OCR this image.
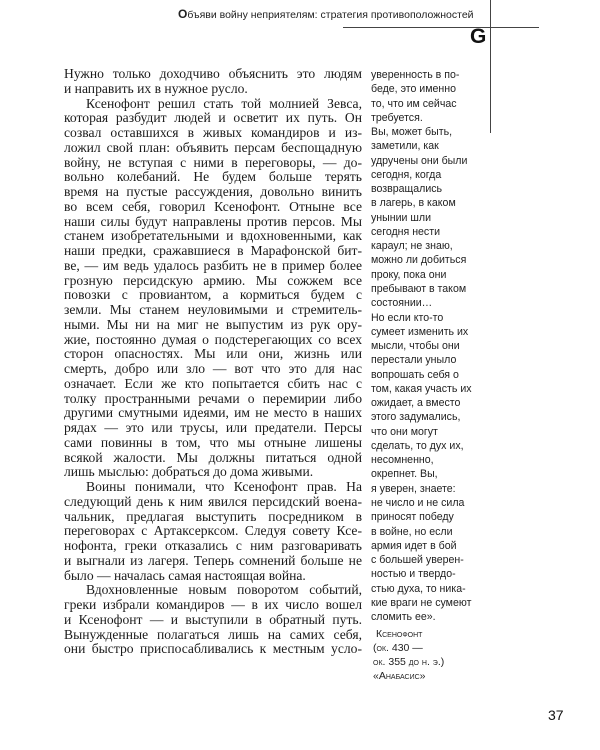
Объяви войну неприятелям: стратегия противоположностей
G
Нужно только доходчиво объяснить это людям
и направить их в нужное русло.
Ксенофонт решил стать той молнией Зевса,
которая разбудит людей и осветит их путь. Он
созвал оставшихся в живых командиров и из-
ложил свой план: объявить персам беспощадную
войну, не вступая с ними в переговоры, — до-
вольно колебаний. Не будем больше терять
время на пустые рассуждения, довольно винить
во всем себя, говорил Ксенофонт. Отныне все
наши силы будут направлены против персов. Мы
станем изобретательными и вдохновенными, как
наши предки, сражавшиеся в Марафонской бит-
ве, — им ведь удалось разбить не в пример более
грозную персидскую армию. Мы сожжем все
повозки с провиантом, а кормиться будем с
земли. Мы станем неуловимыми и стремитель-
ными. Мы ни на миг не выпустим из рук ору-
жие, постоянно думая о подстерегающих со всех
сторон опасностях. Мы или они, жизнь или
смерть, добро или зло — вот что это для нас
означает. Если же кто попытается сбить нас с
толку пространными речами о перемирии либо
другими смутными идеями, им не место в наших
рядах — это или трусы, или предатели. Персы
сами повинны в том, что мы отныне лишены
всякой жалости. Мы должны питаться одной
лишь мыслью: добраться до дома живыми.
Воины понимали, что Ксенофонт прав. На
следующий день к ним явился персидский воена-
чальник, предлагая выступить посредником в
переговорах с Артаксерксом. Следуя совету Ксе-
нофонта, греки отказались с ним разговаривать
и выгнали из лагеря. Теперь сомнений больше не
было — началась самая настоящая война.
Вдохновленные новым поворотом событий,
греки избрали командиров — в их число вошел
и Ксенофонт — и выступили в обратный путь.
Вынужденные полагаться лишь на самих себя,
они быстро приспосабливались к местным усло-
уверенность в по-
беде, это именно
то, что им сейчас
требуется.
Вы, может быть,
заметили, как
удручены они были
сегодня, когда
возвращались
в лагерь, в каком
унынии шли
сегодня нести
караул; не знаю,
можно ли добиться
проку, пока они
пребывают в таком
состоянии…
Но если кто-то
сумеет изменить их
мысли, чтобы они
перестали уныло
вопрошать себя о
том, какая участь их
ожидает, а вместо
этого задумались,
что они могут
сделать, то дух их,
несомненно,
окрепнет. Вы,
я уверен, знаете:
не число и не сила
приносят победу
в войне, но если
армия идет в бой
с большей уверен-
ностью и твердо-
стью духа, то ника-
кие враги не сумеют
сломить ее».
Ксенофонт
(ок. 430 —
ок. 355 до н. э.)
«Анабасис»
37
